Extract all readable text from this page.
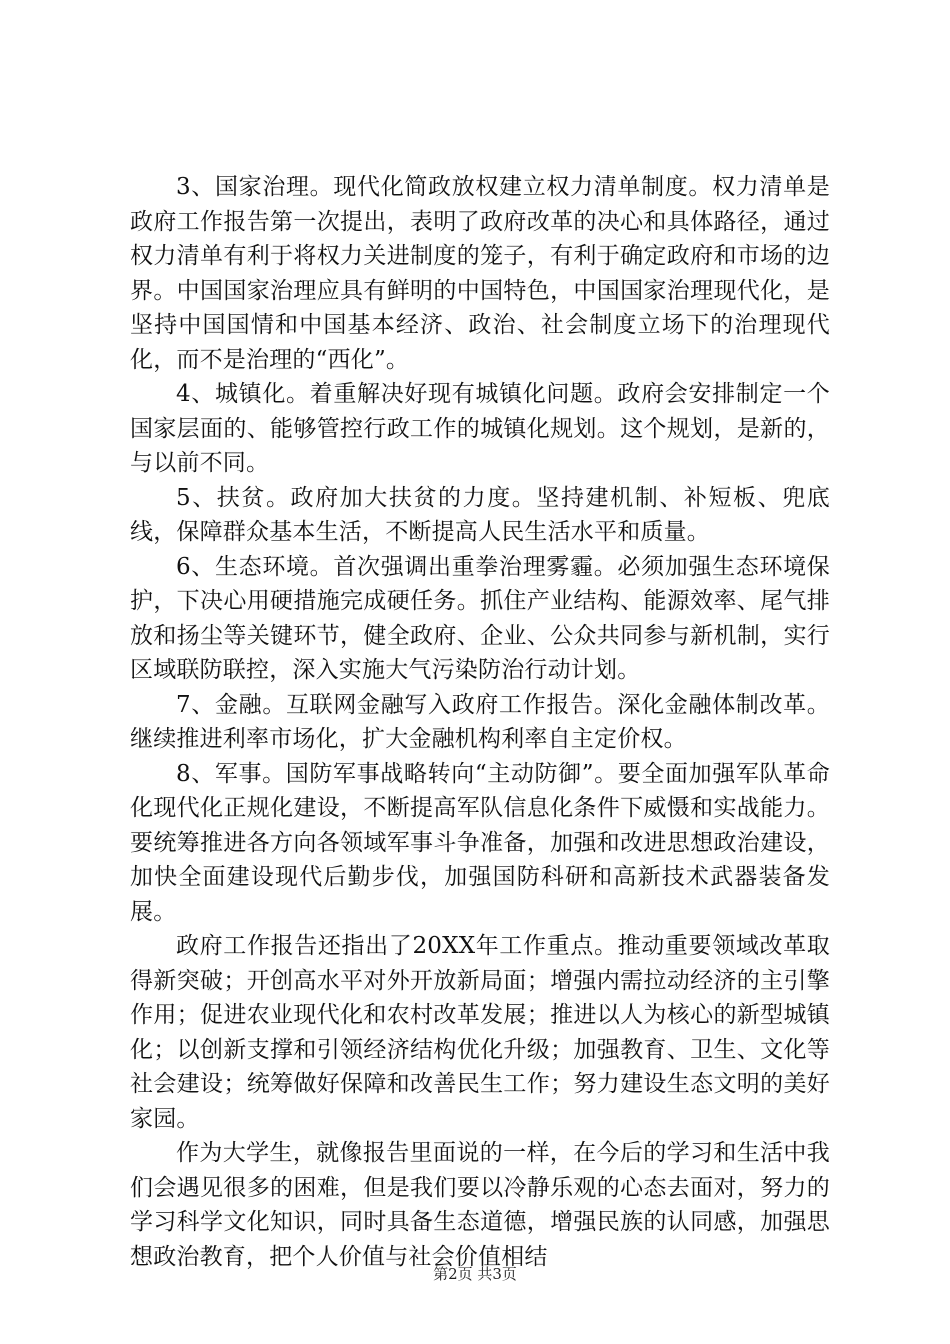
3、国家治理。现代化简政放权建立权力清单制度。权力清单是政府工作报告第一次提出，表明了政府改革的决心和具体路径，通过权力清单有利于将权力关进制度的笼子，有利于确定政府和市场的边界。中国国家治理应具有鲜明的中国特色，中国国家治理现代化，是坚持中国国情和中国基本经济、政治、社会制度立场下的治理现代化，而不是治理的“西化”。

4、城镇化。着重解决好现有城镇化问题。政府会安排制定一个国家层面的、能够管控行政工作的城镇化规划。这个规划，是新的，与以前不同。

5、扶贫。政府加大扶贫的力度。坚持建机制、补短板、兜底线，保障群众基本生活，不断提高人民生活水平和质量。

6、生态环境。首次强调出重拳治理雾霾。必须加强生态环境保护，下决心用硬措施完成硬任务。抓住产业结构、能源效率、尾气排放和扬尘等关键环节，健全政府、企业、公众共同参与新机制，实行区域联防联控，深入实施大气污染防治行动计划。

7、金融。互联网金融写入政府工作报告。深化金融体制改革。继续推进利率市场化，扩大金融机构利率自主定价权。

8、军事。国防军事战略转向“主动防御”。要全面加强军队革命化现代化正规化建设，不断提高军队信息化条件下威慑和实战能力。要统筹推进各方向各领域军事斗争准备，加强和改进思想政治建设，加快全面建设现代后勤步伐，加强国防科研和高新技术武器装备发展。

政府工作报告还指出了20XX年工作重点。推动重要领域改革取得新突破；开创高水平对外开放新局面；增强内需拉动经济的主引擎作用；促进农业现代化和农村改革发展；推进以人为核心的新型城镇化；以创新支撑和引领经济结构优化升级；加强教育、卫生、文化等社会建设；统筹做好保障和改善民生工作；努力建设生态文明的美好家园。

作为大学生，就像报告里面说的一样，在今后的学习和生活中我们会遇见很多的困难，但是我们要以冷静乐观的心态去面对，努力的学习科学文化知识，同时具备生态道德，增强民族的认同感，加强思想政治教育，把个人价值与社会价值相结

第2页 共3页
